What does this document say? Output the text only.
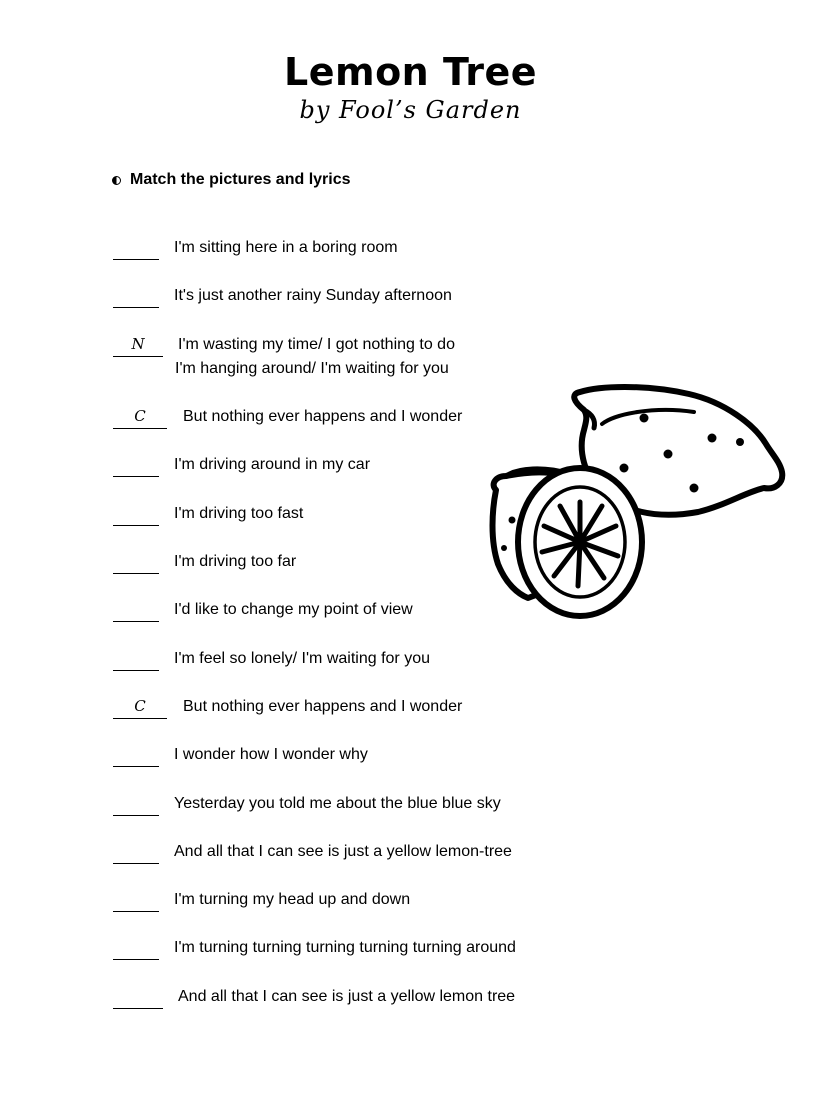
Lemon Tree
by Fool’s Garden
Match the pictures and lyrics
I'm sitting here in a boring room
It's just another rainy Sunday afternoon
N	I'm wasting my time/ I got nothing to do
I'm hanging around/ I'm waiting for you
C	But nothing ever happens and I wonder
I'm driving around in my car
I'm driving too fast
I'm driving too far
I'd like to change my point of view
I'm feel so lonely/ I'm waiting for you
C	But nothing ever happens and I wonder
I wonder how I wonder why
Yesterday you told me about the blue blue sky
And all that I can see is just a yellow lemon-tree
I'm turning my head up and down
I'm turning turning turning turning turning around
And all that I can see is just a yellow lemon tree
